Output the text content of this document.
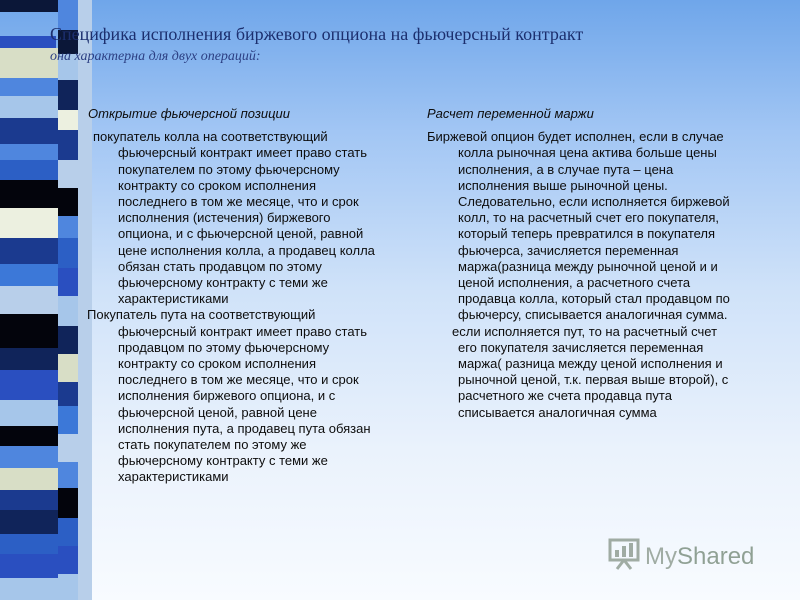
Специфика исполнения биржевого опциона на фьючерсный контракт
она характерна для двух операций:
Открытие фьючерсной позиции

покупатель колла на соответствующий фьючерсный контракт имеет право стать покупателем по этому фьючерсному контракту со сроком исполнения последнего в том же месяце, что и срок исполнения (истечения) биржевого опциона, и с фьючерсной ценой, равной цене исполнения колла, а продавец колла обязан стать продавцом по этому фьючерсному контракту с теми же характеристиками

Покупатель пута на соответствующий фьючерсный контракт имеет право стать продавцом по этому фьючерсному контракту со сроком исполнения последнего в том же месяце, что и срок исполнения биржевого опциона, и с фьючерсной ценой, равной цене исполнения пута, а продавец пута обязан стать покупателем по этому же фьючерсному контракту с теми же характеристиками

Расчет переменной маржи

Биржевой опцион будет исполнен, если в случае колла рыночная цена актива больше цены исполнения, а в случае пута – цена исполнения выше рыночной цены. Следовательно, если исполняется биржевой колл, то на расчетный счет его покупателя, который теперь превратился в покупателя фьючерса, зачисляется переменная маржа(разница между рыночной ценой и и ценой исполнения, а расчетного счета продавца колла, который стал продавцом по фьючерсу, списывается аналогичная сумма.

если исполняется пут, то на расчетный счет его покупателя зачисляется переменная маржа( разница между ценой исполнения и рыночной ценой, т.к. первая выше второй), с расчетного же счета продавца пута списывается аналогичная сумма

MyShared
